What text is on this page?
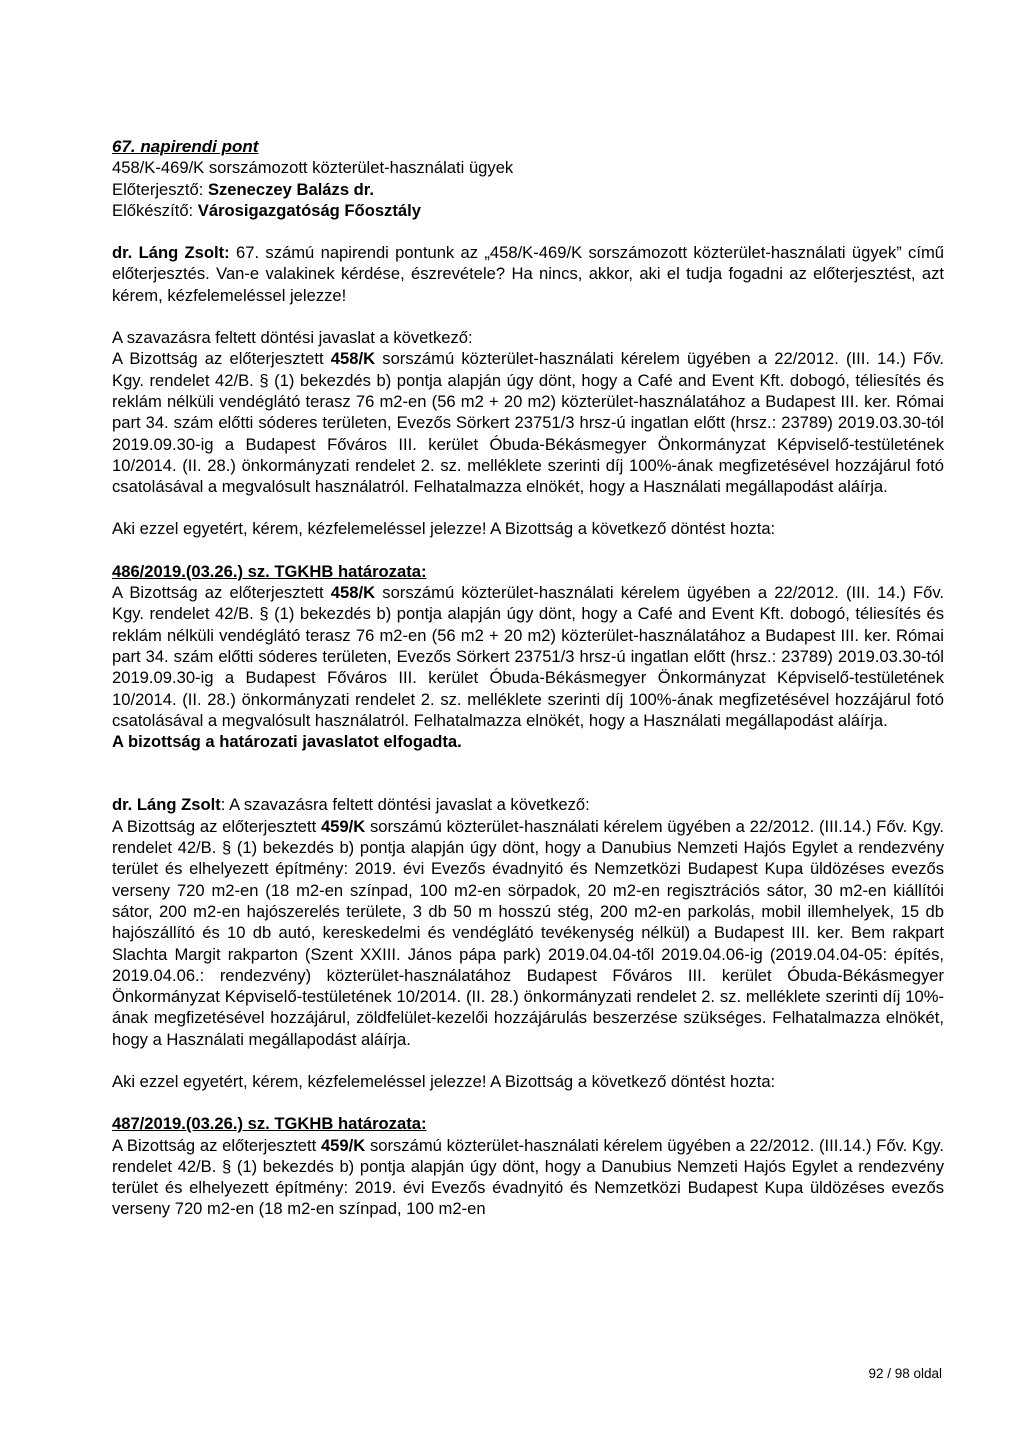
67. napirendi pont

458/K-469/K sorszámozott közterület-használati ügyek

Előterjesztő: Szeneczey Balázs dr.

Előkészítő: Városigazgatóság Főosztály

dr. Láng Zsolt: 67. számú napirendi pontunk az „458/K-469/K sorszámozott közterület-használati ügyek” című előterjesztés. Van-e valakinek kérdése, észrevétele? Ha nincs, akkor, aki el tudja fogadni az előterjesztést, azt kérem, kézfelemeléssel jelezze!

A szavazásra feltett döntési javaslat a következő:

A Bizottság az előterjesztett 458/K sorszámú közterület-használati kérelem ügyében a 22/2012. (III. 14.) Főv. Kgy. rendelet 42/B. § (1) bekezdés b) pontja alapján úgy dönt, hogy a Café and Event Kft. dobogó, téliesítés és reklám nélküli vendéglátó terasz 76 m2-en (56 m2 + 20 m2) közterület-használatához a Budapest III. ker. Római part 34. szám előtti sóderes területen, Evezős Sörkert 23751/3 hrsz-ú ingatlan előtt (hrsz.: 23789) 2019.03.30-tól 2019.09.30-ig a Budapest Főváros III. kerület Óbuda-Békásmegyer Önkormányzat Képviselő-testületének 10/2014. (II. 28.) önkormányzati rendelet 2. sz. melléklete szerinti díj 100%-ának megfizetésével hozzájárul fotó csatolásával a megvalósult használatról. Felhatalmazza elnökét, hogy a Használati megállapodást aláírja.

Aki ezzel egyetért, kérem, kézfelemeléssel jelezze! A Bizottság a következő döntést hozta:

486/2019.(03.26.) sz. TGKHB határozata:

A Bizottság az előterjesztett 458/K sorszámú közterület-használati kérelem ügyében a 22/2012. (III. 14.) Főv. Kgy. rendelet 42/B. § (1) bekezdés b) pontja alapján úgy dönt, hogy a Café and Event Kft. dobogó, téliesítés és reklám nélküli vendéglátó terasz 76 m2-en (56 m2 + 20 m2) közterület-használatához a Budapest III. ker. Római part 34. szám előtti sóderes területen, Evezős Sörkert 23751/3 hrsz-ú ingatlan előtt (hrsz.: 23789) 2019.03.30-tól 2019.09.30-ig a Budapest Főváros III. kerület Óbuda-Békásmegyer Önkormányzat Képviselő-testületének 10/2014. (II. 28.) önkormányzati rendelet 2. sz. melléklete szerinti díj 100%-ának megfizetésével hozzájárul fotó csatolásával a megvalósult használatról. Felhatalmazza elnökét, hogy a Használati megállapodást aláírja.

A bizottság a határozati javaslatot elfogadta.

dr. Láng Zsolt: A szavazásra feltett döntési javaslat a következő:

A Bizottság az előterjesztett 459/K sorszámú közterület-használati kérelem ügyében a 22/2012. (III.14.) Főv. Kgy. rendelet 42/B. § (1) bekezdés b) pontja alapján úgy dönt, hogy a Danubius Nemzeti Hajós Egylet a rendezvény terület és elhelyezett építmény: 2019. évi Evezős évadnyitó és Nemzetközi Budapest Kupa üldözéses evezős verseny 720 m2-en (18 m2-en színpad, 100 m2-en sörpadok, 20 m2-en regisztrációs sátor, 30 m2-en kiállítói sátor, 200 m2-en hajószerelés területe, 3 db 50 m hosszú stég, 200 m2-en parkolás, mobil illemhelyek, 15 db hajószállító és 10 db autó, kereskedelmi és vendéglátó tevékenység nélkül) a Budapest III. ker. Bem rakpart Slachta Margit rakparton (Szent XXIII. János pápa park) 2019.04.04-től 2019.04.06-ig (2019.04.04-05: építés, 2019.04.06.: rendezvény) közterület-használatához Budapest Főváros III. kerület Óbuda-Békásmegyer Önkormányzat Képviselő-testületének 10/2014. (II. 28.) önkormányzati rendelet 2. sz. melléklete szerinti díj 10%-ának megfizetésével hozzájárul, zöldfelület-kezelői hozzájárulás beszerzése szükséges. Felhatalmazza elnökét, hogy a Használati megállapodást aláírja.

Aki ezzel egyetért, kérem, kézfelemeléssel jelezze! A Bizottság a következő döntést hozta:

487/2019.(03.26.) sz. TGKHB határozata:

A Bizottság az előterjesztett 459/K sorszámú közterület-használati kérelem ügyében a 22/2012. (III.14.) Főv. Kgy. rendelet 42/B. § (1) bekezdés b) pontja alapján úgy dönt, hogy a Danubius Nemzeti Hajós Egylet a rendezvény terület és elhelyezett építmény: 2019. évi Evezős évadnyitó és Nemzetközi Budapest Kupa üldözéses evezős verseny 720 m2-en (18 m2-en színpad, 100 m2-en

92 / 98 oldal
